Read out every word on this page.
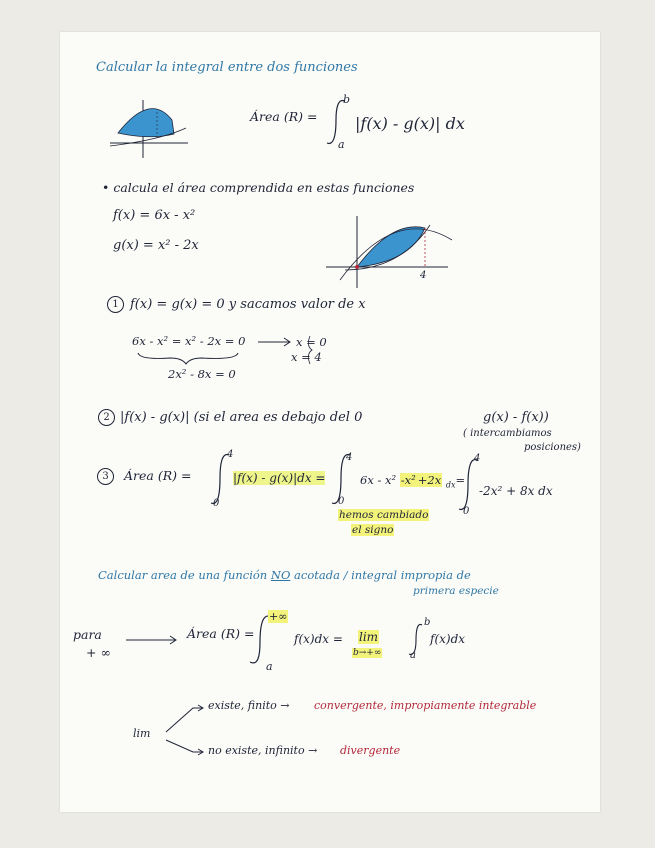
Calcular la integral entre dos funciones
Área (R) =
b
a
|f(x) - g(x)| dx
• calcula el área comprendida en estas funciones
f(x) = 6x - x²
g(x) = x² - 2x
4
1 f(x) = g(x) = 0 y sacamos valor de x
6x - x² = x² - 2x = 0	x = 0
x = 4
2x² - 8x = 0
2 |f(x) - g(x)| (si el area es debajo del 0	g(x) - f(x))
( intercambiamos
posiciones)
3	Área (R) =
4
0
|f(x) - g(x)|dx =
4
0
6x - x² -x² +2x $_{dx}$=
4
0
-2x² + 8x dx
hemos cambiado
el signo
Calcular area de una función NO acotada / integral impropia de
primera especie
para
+ ∞
Área (R) =
+∞
a
f(x)dx = lim
b→+∞
b
a
f(x)dx
lim
existe, finito → convergente, impropiamente integrable
no existe, infinito → divergente
